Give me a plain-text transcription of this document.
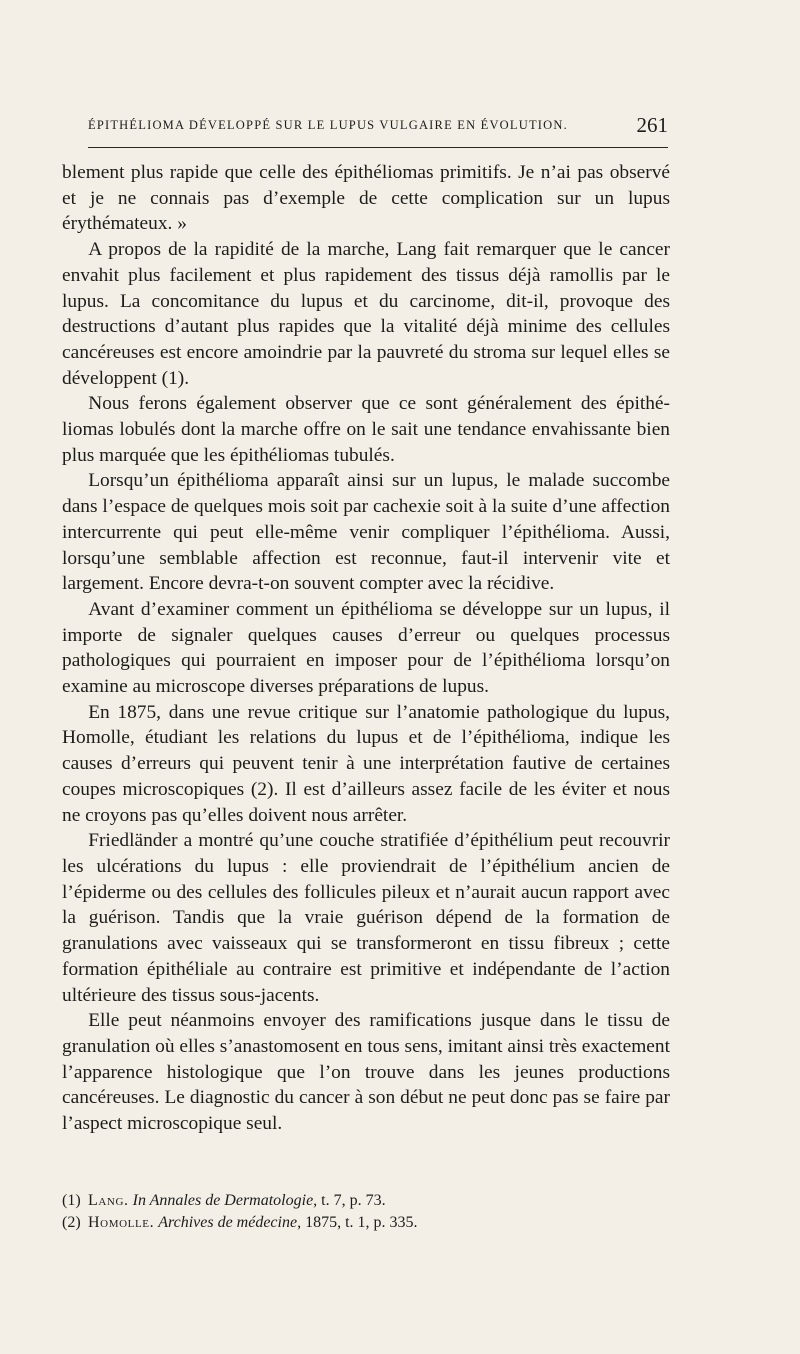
ÉPITHÉLIOMA DÉVELOPPÉ SUR LE LUPUS VULGAIRE EN ÉVOLUTION.	261

blement plus rapide que celle des épithéliomas primitifs. Je n’ai pas observé et je ne connais pas d’exemple de cette complication sur un lupus érythémateux. »

A propos de la rapidité de la marche, Lang fait remarquer que le cancer envahit plus facilement et plus rapidement des tissus déjà ramollis par le lupus. La concomitance du lupus et du carcinome, dit-il, provoque des destructions d’autant plus rapides que la vitalité déjà minime des cellules cancéreuses est encore amoindrie par la pauvreté du stroma sur lequel elles se développent (1).

Nous ferons également observer que ce sont généralement des épithéliomas lobulés dont la marche offre on le sait une tendance envahissante bien plus marquée que les épithéliomas tubulés.

Lorsqu’un épithélioma apparaît ainsi sur un lupus, le malade succombe dans l’espace de quelques mois soit par cachexie soit à la suite d’une affection intercurrente qui peut elle-même venir compliquer l’épithélioma. Aussi, lorsqu’une semblable affection est reconnue, faut-il intervenir vite et largement. Encore devra-t-on souvent compter avec la récidive.

Avant d’examiner comment un épithélioma se développe sur un lupus, il importe de signaler quelques causes d’erreur ou quelques processus pathologiques qui pourraient en imposer pour de l’épithélioma lorsqu’on examine au microscope diverses préparations de lupus.

En 1875, dans une revue critique sur l’anatomie pathologique du lupus, Homolle, étudiant les relations du lupus et de l’épithélioma, indique les causes d’erreurs qui peuvent tenir à une interprétation fautive de certaines coupes microscopiques (2). Il est d’ailleurs assez facile de les éviter et nous ne croyons pas qu’elles doivent nous arrêter.

Friedländer a montré qu’une couche stratifiée d’épithélium peut recouvrir les ulcérations du lupus : elle proviendrait de l’épithélium ancien de l’épiderme ou des cellules des follicules pileux et n’aurait aucun rapport avec la guérison. Tandis que la vraie guérison dépend de la formation de granulations avec vaisseaux qui se transformeront en tissu fibreux ; cette formation épithéliale au contraire est primitive et indépendante de l’action ultérieure des tissus sous-jacents.

Elle peut néanmoins envoyer des ramifications jusque dans le tissu de granulation où elles s’anastomosent en tous sens, imitant ainsi très exactement l’apparence histologique que l’on trouve dans les jeunes productions cancéreuses. Le diagnostic du cancer à son début ne peut donc pas se faire par l’aspect microscopique seul.

(1) Lang. In Annales de Dermatologie, t. 7, p. 73.

(2) Homolle. Archives de médecine, 1875, t. 1, p. 335.
